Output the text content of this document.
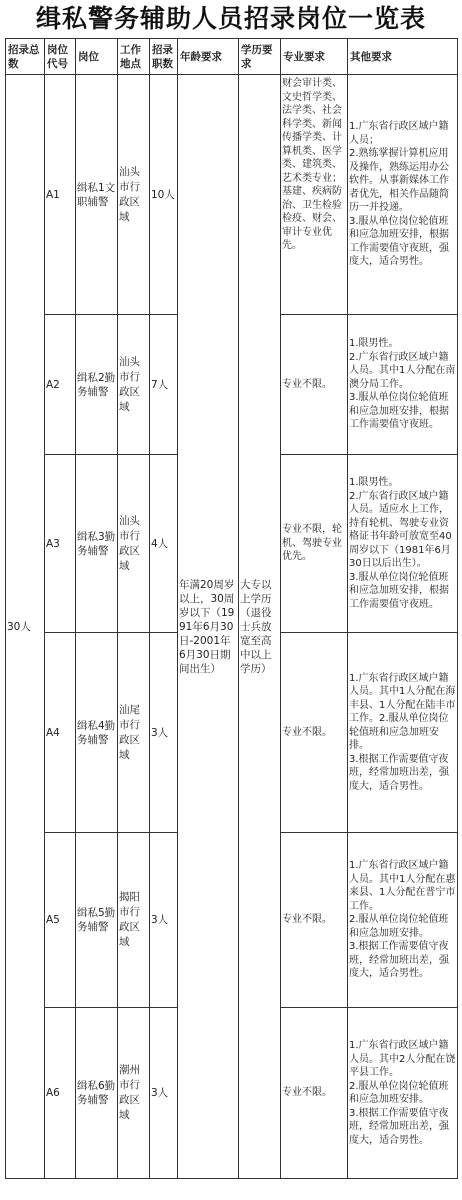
缉私警务辅助人员招录岗位一览表
招录总数	岗位代号	岗位	工作地点	招录职数	年龄要求	学历要求	专业要求	其他要求
30人	A1	缉私1文职辅警	汕头市行政区域	10人	年满20周岁以上，30周岁以下（1991年6月30日-2001年6月30日期间出生）	大专以上学历（退役士兵放宽至高中以上学历）	财会审计类、文史哲学类、法学类、社会科学类、新闻传播学类、计算机类、医学类、建筑类、艺术类专业；基建、疾病防治、卫生检验检疫、财会、审计专业优先。	1.广东省行政区域户籍人员；
2.熟练掌握计算机应用及操作，熟练运用办公软件。从事新媒体工作者优先，相关作品随简历一并投递。
3.服从单位岗位轮值班和应急加班安排，根据工作需要值守夜班，强度大，适合男性。

	A2	缉私2勤务辅警	汕头市行政区域	7人			专业不限。	1.限男性。
2.广东省行政区域户籍人员。其中1人分配在南澳分局工作。
3.服从单位岗位轮值班和应急加班安排，根据工作需要值守夜班。

	A3	缉私3勤务辅警	汕头市行政区域	4人			专业不限，轮机、驾驶专业优先。	1.限男性。
2.广东省行政区域户籍人员。适应水上工作，持有轮机、驾驶专业资格证书年龄可放宽至40周岁以下（1981年6月30日以后出生）。
3.服从单位岗位轮值班和应急加班安排，根据工作需要值守夜班。

	A4	缉私4勤务辅警	汕尾市行政区域	3人			专业不限。	1.广东省行政区域户籍人员。其中1人分配在海丰县、1人分配在陆丰市工作。2.服从单位岗位轮值班和应急加班安排。
3.根据工作需要值守夜班，经常加班出差，强度大，适合男性。

	A5	缉私5勤务辅警	揭阳市行政区域	3人			专业不限。	1.广东省行政区域户籍人员。其中1人分配在惠来县、1人分配在普宁市工作。
2.服从单位岗位轮值班和应急加班安排。
3.根据工作需要值守夜班，经常加班出差，强度大，适合男性。

	A6	缉私6勤务辅警	潮州市行政区域	3人			专业不限。	1.广东省行政区域户籍人员。其中2人分配在饶平县工作。
2.服从单位岗位轮值班和应急加班安排。
3.根据工作需要值守夜班，经常加班出差，强度大，适合男性。
